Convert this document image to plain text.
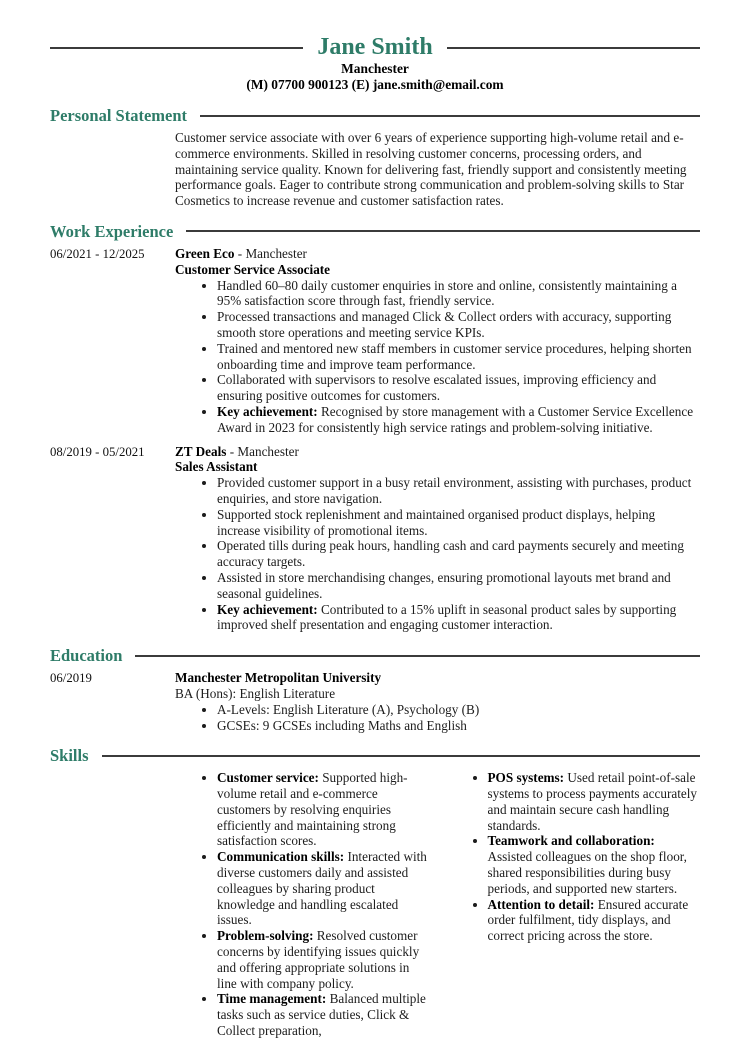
Jane Smith
Manchester
(M) 07700 900123 (E) jane.smith@email.com
Personal Statement

Customer service associate with over 6 years of experience supporting high-volume retail and e-commerce environments. Skilled in resolving customer concerns, processing orders, and maintaining service quality. Known for delivering fast, friendly support and consistently meeting performance goals. Eager to contribute strong communication and problem-solving skills to Star Cosmetics to increase revenue and customer satisfaction rates.

Work Experience
06/2021 - 12/2025	Green Eco - Manchester

Customer Service Associate

• Handled 60–80 daily customer enquiries in store and online, consistently maintaining a 95% satisfaction score through fast, friendly service.
• Processed transactions and managed Click & Collect orders with accuracy, supporting smooth store operations and meeting service KPIs.
• Trained and mentored new staff members in customer service procedures, helping shorten onboarding time and improve team performance.
• Collaborated with supervisors to resolve escalated issues, improving efficiency and ensuring positive outcomes for customers.
• Key achievement: Recognised by store management with a Customer Service Excellence Award in 2023 for consistently high service ratings and problem-solving initiative.
08/2019 - 05/2021	ZT Deals - Manchester

Sales Assistant

• Provided customer support in a busy retail environment, assisting with purchases, product enquiries, and store navigation.
• Supported stock replenishment and maintained organised product displays, helping increase visibility of promotional items.
• Operated tills during peak hours, handling cash and card payments securely and meeting accuracy targets.
• Assisted in store merchandising changes, ensuring promotional layouts met brand and seasonal guidelines.
• Key achievement: Contributed to a 15% uplift in seasonal product sales by supporting improved shelf presentation and engaging customer interaction.
Education
06/2019	Manchester Metropolitan University

BA (Hons): English Literature

• A-Levels: English Literature (A), Psychology (B)
• GCSEs: 9 GCSEs including Maths and English
Skills
• Customer service: Supported high-volume retail and e-commerce customers by resolving enquiries efficiently and maintaining strong satisfaction scores.
• Communication skills: Interacted with diverse customers daily and assisted colleagues by sharing product knowledge and handling escalated issues.
• Problem-solving: Resolved customer concerns by identifying issues quickly and offering appropriate solutions in line with company policy.
• Time management: Balanced multiple tasks such as service duties, Click & Collect preparation,
• POS systems: Used retail point-of-sale systems to process payments accurately and maintain secure cash handling standards.
• Teamwork and collaboration: Assisted colleagues on the shop floor, shared responsibilities during busy periods, and supported new starters.
• Attention to detail: Ensured accurate order fulfilment, tidy displays, and correct pricing across the store.
